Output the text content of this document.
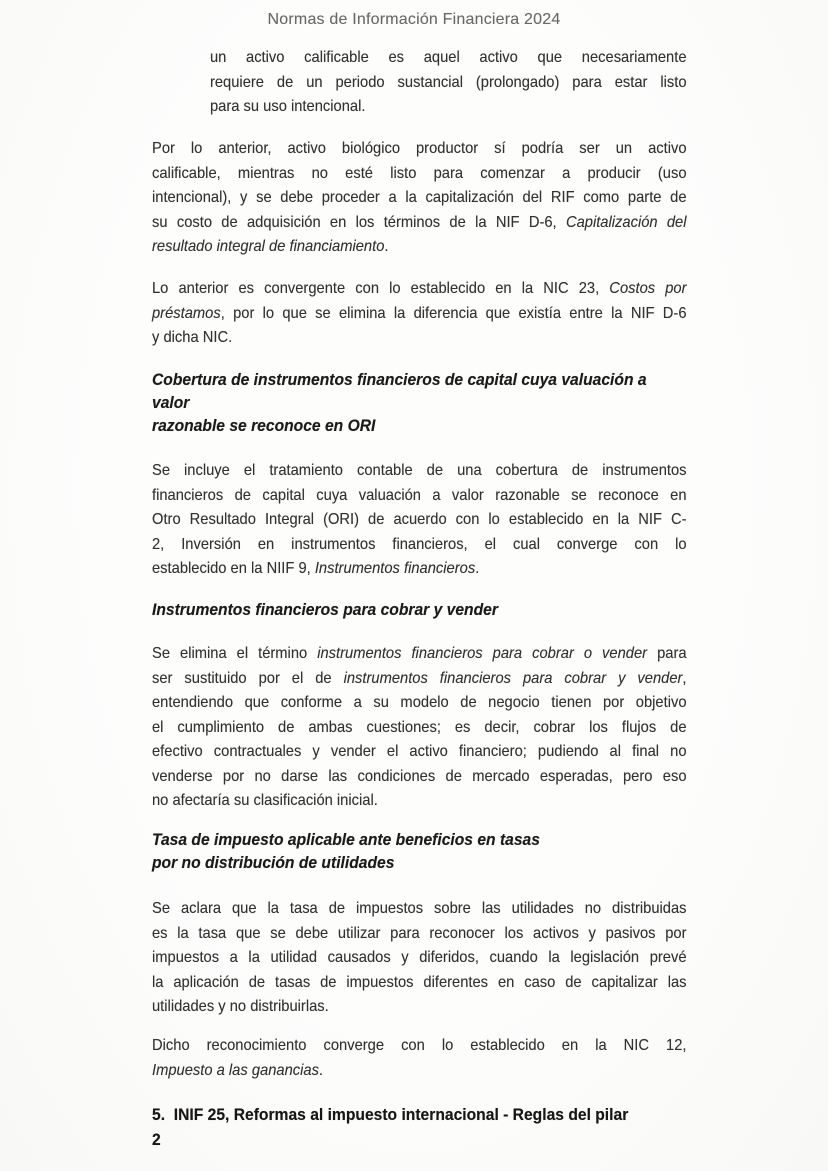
Normas de Información Financiera 2024
un activo calificable es aquel activo que necesariamente
requiere de un periodo sustancial (prolongado) para estar listo
para su uso intencional.
Por lo anterior, activo biológico productor sí podría ser un activo
calificable, mientras no esté listo para comenzar a producir (uso
intencional), y se debe proceder a la capitalización del RIF como parte de
su costo de adquisición en los términos de la NIF D-6, Capitalización del
resultado integral de financiamiento.
Lo anterior es convergente con lo establecido en la NIC 23, Costos por
préstamos, por lo que se elimina la diferencia que existía entre la NIF D-6
y dicha NIC.
Cobertura de instrumentos financieros de capital cuya valuación a
valor
razonable se reconoce en ORI
Se incluye el tratamiento contable de una cobertura de instrumentos
financieros de capital cuya valuación a valor razonable se reconoce en
Otro Resultado Integral (ORI) de acuerdo con lo establecido en la NIF C-
2, Inversión en instrumentos financieros, el cual converge con lo
establecido en la NIIF 9, Instrumentos financieros.
Instrumentos financieros para cobrar y vender
Se elimina el término instrumentos financieros para cobrar o vender para
ser sustituido por el de instrumentos financieros para cobrar y vender,
entendiendo que conforme a su modelo de negocio tienen por objetivo
el cumplimiento de ambas cuestiones; es decir, cobrar los flujos de
efectivo contractuales y vender el activo financiero; pudiendo al final no
venderse por no darse las condiciones de mercado esperadas, pero eso
no afectaría su clasificación inicial.
Tasa de impuesto aplicable ante beneficios en tasas
por no distribución de utilidades
Se aclara que la tasa de impuestos sobre las utilidades no distribuidas
es la tasa que se debe utilizar para reconocer los activos y pasivos por
impuestos a la utilidad causados y diferidos, cuando la legislación prevé
la aplicación de tasas de impuestos diferentes en caso de capitalizar las
utilidades y no distribuirlas.
Dicho reconocimiento converge con lo establecido en la NIC 12,
Impuesto a las ganancias.
5.  INIF 25, Reformas al impuesto internacional - Reglas del pilar
2
